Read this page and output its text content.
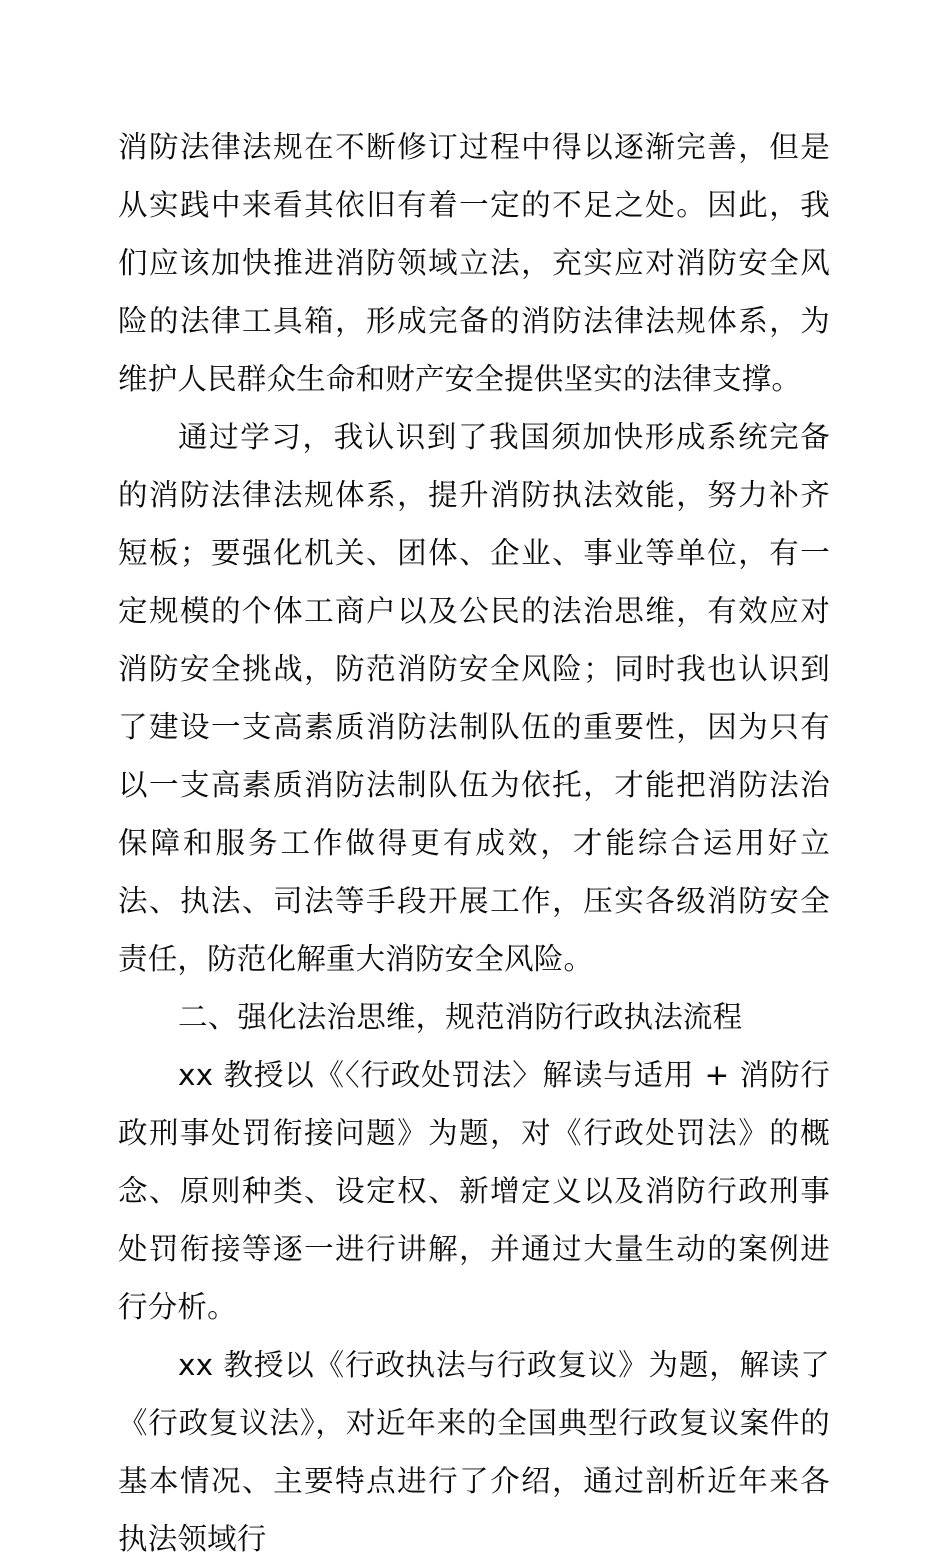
消防法律法规在不断修订过程中得以逐渐完善，但是从实践中来看其依旧有着一定的不足之处。因此，我们应该加快推进消防领域立法，充实应对消防安全风险的法律工具箱，形成完备的消防法律法规体系，为维护人民群众生命和财产安全提供坚实的法律支撑。

通过学习，我认识到了我国须加快形成系统完备的消防法律法规体系，提升消防执法效能，努力补齐短板；要强化机关、团体、企业、事业等单位，有一定规模的个体工商户以及公民的法治思维，有效应对消防安全挑战，防范消防安全风险；同时我也认识到了建设一支高素质消防法制队伍的重要性，因为只有以一支高素质消防法制队伍为依托，才能把消防法治保障和服务工作做得更有成效，才能综合运用好立法、执法、司法等手段开展工作，压实各级消防安全责任，防范化解重大消防安全风险。

二、强化法治思维，规范消防行政执法流程

xx 教授以《〈行政处罚法〉解读与适用 + 消防行政刑事处罚衔接问题》为题，对《行政处罚法》的概念、原则种类、设定权、新增定义以及消防行政刑事处罚衔接等逐一进行讲解，并通过大量生动的案例进行分析。

xx 教授以《行政执法与行政复议》为题，解读了《行政复议法》，对近年来的全国典型行政复议案件的基本情况、主要特点进行了介绍，通过剖析近年来各执法领域行
